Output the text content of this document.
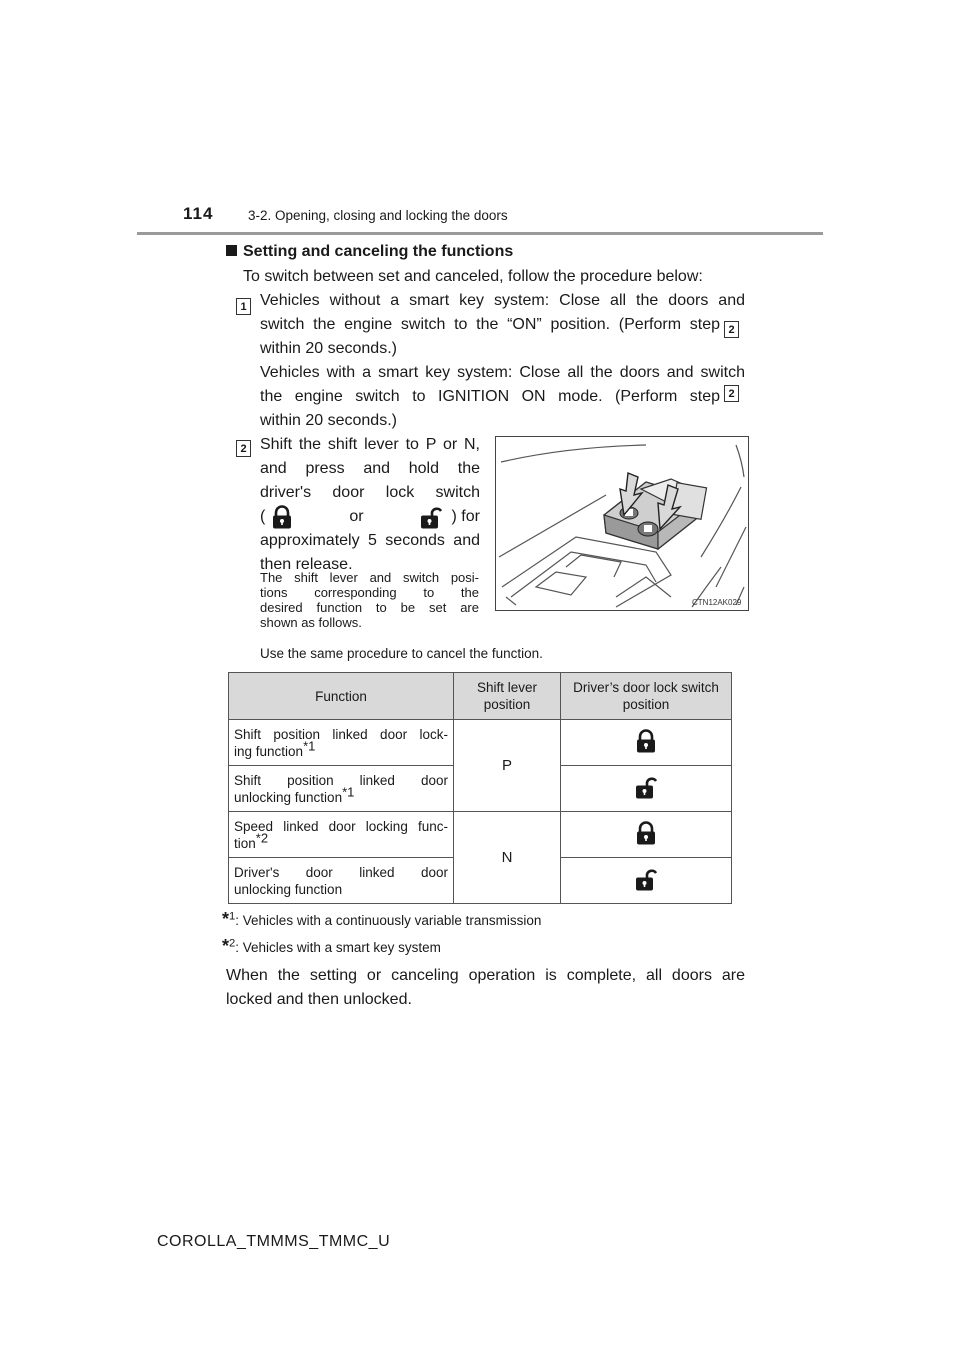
114	3-2. Opening, closing and locking the doors
Setting and canceling the functions
To switch between set and canceled, follow the procedure below:
1 Vehicles without a smart key system: Close all the doors and
switch the engine switch to the “ON” position. (Perform step 2
within 20 seconds.)
Vehicles with a smart key system: Close all the doors and switch
the engine switch to IGNITION ON mode. (Perform step 2
within 20 seconds.)
2 Shift the shift lever to P or N,
and press and hold the
driver's door lock switch
(	or	) for
approximately 5 seconds and
then release.
The shift lever and switch posi-
tions corresponding to the
desired function to be set are
shown as follows.
Use the same procedure to cancel the function.
CTN12AK029
Function	Shift lever position	Driver’s door lock switch position

Shift position linked door lock-
ing function$^{*1}$	P	

Shift position linked door
unlocking function$^{*1}$

Speed linked door locking func-
tion$^{*2}$	N	

Driver's door linked door
unlocking function

*$^1$: Vehicles with a continuously variable transmission
*$^2$: Vehicles with a smart key system
When the setting or canceling operation is complete, all doors are
locked and then unlocked.
COROLLA_TMMMS_TMMC_U
